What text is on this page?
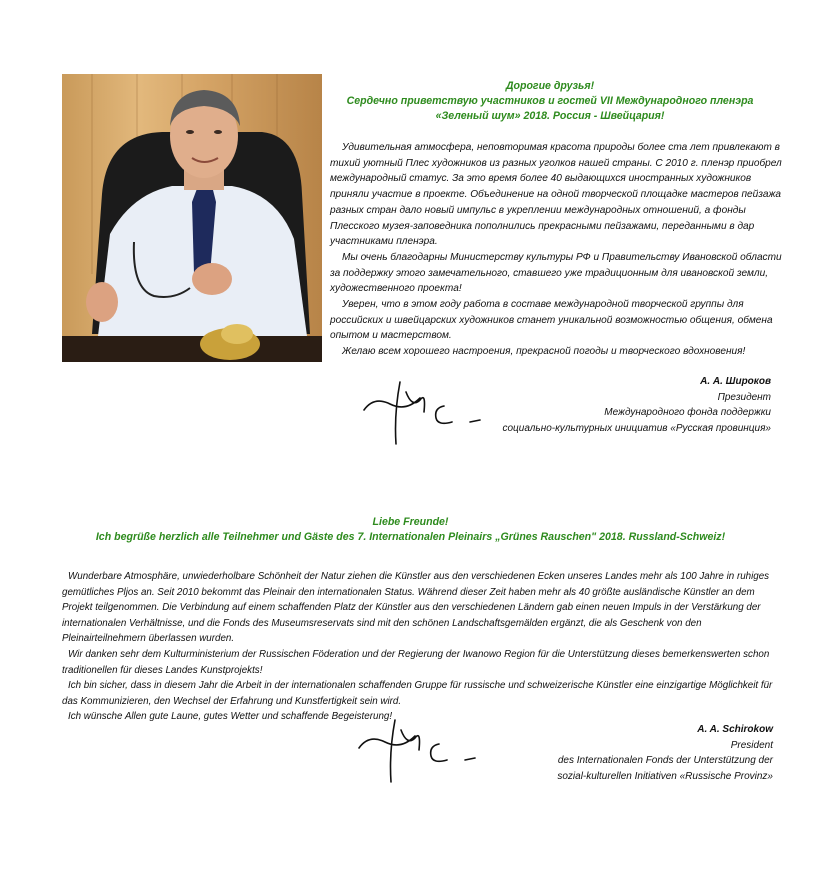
Дорогие друзья!
Сердечно приветствую участников и гостей VII Международного пленэра
«Зеленый шум» 2018. Россия - Швейцария!

Удивительная атмосфера, неповторимая красота природы более ста лет привлекают в тихий уютный Плес художников из разных уголков нашей страны. С 2010 г. пленэр приобрел международный статус. За это время более 40 выдающихся иностранных художников приняли участие в проекте. Объединение на одной творческой площадке мастеров пейзажа разных стран дало новый импульс в укреплении международных отношений, а фонды Плесского музея-заповедника пополнились прекрасными пейзажами, переданными в дар участниками пленэра.

Мы очень благодарны Министерству культуры РФ и Правительству Ивановской области за поддержку этого замечательного, ставшего уже традиционным для ивановской земли, художественного проекта!

Уверен, что в этом году работа в составе международной творческой группы для российских и швейцарских художников станет уникальной возможностью общения, обмена опытом и мастерством.

Желаю всем хорошего настроения, прекрасной погоды и творческого вдохновения!

А. А. Широков
Президент
Международного фонда поддержки
социально-культурных инициатив «Русская провинция»
Liebe Freunde!
Ich begrüße herzlich alle Teilnehmer und Gäste des 7. Internationalen Pleinairs „Grünes Rauschen" 2018. Russland-Schweiz!

Wunderbare Atmosphäre, unwiederholbare Schönheit der Natur ziehen die Künstler aus den verschiedenen Ecken unseres Landes mehr als 100 Jahre in ruhiges gemütliches Pljos an. Seit 2010 bekommt das Pleinair den internationalen Status. Während dieser Zeit haben mehr als 40 größte ausländische Künstler an dem Projekt teilgenommen. Die Verbindung auf einem schaffenden Platz der Künstler aus den verschiedenen Ländern gab einen neuen Impuls in der Verstärkung der internationalen Verhältnisse, und die Fonds des Museumsreservats sind mit den schönen Landschaftsgemälden ergänzt, die als Geschenk von den Pleinairteilnehmern überlassen wurden.

Wir danken sehr dem Kulturministerium der Russischen Föderation und der Regierung der Iwanowo Region für die Unterstützung dieses bemerkenswerten schon traditionellen für dieses Landes Kunstprojekts!

Ich bin sicher, dass in diesem Jahr die Arbeit in der internationalen schaffenden Gruppe für russische und schweizerische Künstler eine einzigartige Möglichkeit für das Kommunizieren, den Wechsel der Erfahrung und Kunstfertigkeit sein wird.

Ich wünsche Allen gute Laune, gutes Wetter und schaffende Begeisterung!

A. A. Schirokow
President
des Internationalen Fonds der Unterstützung der
sozial-kulturellen Initiativen «Russische Provinz»
